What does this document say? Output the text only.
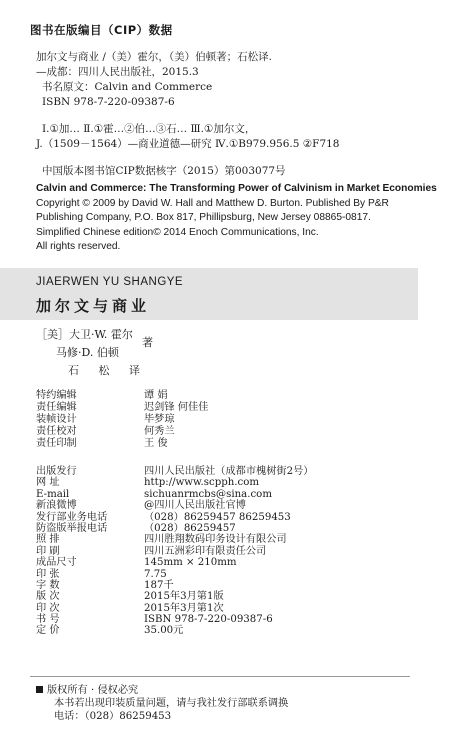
图书在版编目（CIP）数据
加尔文与商业 /（美）霍尔，（美）伯顿著；石松译.
—成都：四川人民出版社，2015.3
书名原文：Calvin and Commerce
ISBN 978-7-220-09387-6
Ⅰ.①加… Ⅱ.①霍…②伯…③石… Ⅲ.①加尔文，
J.（1509－1564）—商业道德—研究 Ⅳ.①B979.956.5 ②F718
中国版本图书馆CIP数据核字（2015）第003077号
Calvin and Commerce: The Transforming Power of Calvinism in Market Economies
Copyright © 2009 by David W. Hall and Matthew D. Burton. Published By P&R
Publishing Company, P.O. Box 817, Phillipsburg, New Jersey 08865-0817.
Simplified Chinese edition© 2014 Enoch Communications, Inc.
All rights reserved.
JIAERWEN YU SHANGYE
加尔文与商业
［美］大卫·W. 霍尔
马修·D. 伯顿
石 松 译
著
特约编辑	谭 娟
责任编辑	迟剑锋 何佳佳
装帧设计	毕梦琼
责任校对	何秀兰
责任印制	王 俊
出版发行	四川人民出版社（成都市槐树街2号）
网 址	http://www.scpph.com
E-mail	sichuanrmcbs@sina.com
新浪微博	@四川人民出版社官博
发行部业务电话	（028）86259457 86259453
防盗版举报电话	（028）86259457
照 排	四川胜翔数码印务设计有限公司
印 刷	四川五洲彩印有限责任公司
成品尺寸	145mm × 210mm
印 张	7.75
字 数	187千
版 次	2015年3月第1版
印 次	2015年3月第1次
书 号	ISBN 978-7-220-09387-6
定 价	35.00元
版权所有 · 侵权必究
本书若出现印装质量问题，请与我社发行部联系调换
电话：（028）86259453
